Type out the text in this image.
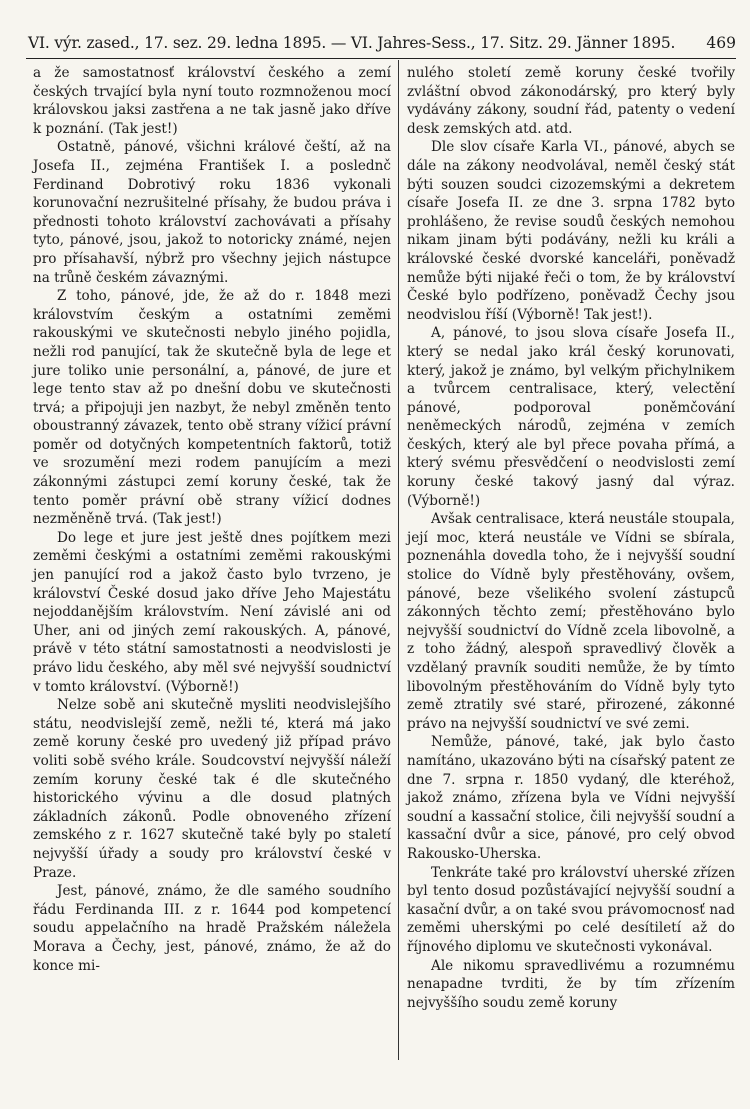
VI. výr. zased., 17. sez. 29. ledna 1895. — VI. Jahres-Sess., 17. Sitz. 29. Jänner 1895. 469

a že samostatnosť království českého a zemí českých trvající byla nyní touto rozmnoženou mocí královskou jaksi zastřena a ne tak jasně jako dříve k poznání. (Tak jest!)

Ostatně, pánové, všichni králové čeští, až na Josefa II., zejména František I. a poslednč Ferdinand Dobrotivý roku 1836 vykonali korunovační nezrušitelné přísahy, že budou práva i přednosti tohoto království zachovávati a přísahy tyto, pánové, jsou, jakož to notoricky známé, nejen pro přísahavší, nýbrž pro všechny jejich nástupce na trůně českém závaznými.

Z toho, pánové, jde, že až do r. 1848 mezi královstvím českým a ostatními zeměmi rakouskými ve skutečnosti nebylo jiného pojidla, nežli rod panující, tak že skutečně byla de lege et jure toliko unie personální, a, pánové, de jure et lege tento stav až po dnešní dobu ve skutečnosti trvá; a připojuji jen nazbyt, že nebyl změněn tento oboustranný závazek, tento obě strany vížicí právní poměr od dotyčných kompetentních faktorů, totiž ve srozumění mezi rodem panujícím a mezi zákonnými zástupci zemí koruny české, tak že tento poměr právní obě strany vížicí dodnes nezměněně trvá. (Tak jest!)

Do lege et jure jest ještě dnes pojítkem mezi zeměmi českými a ostatními zeměmi rakouskými jen panující rod a jakož často bylo tvrzeno, je království České dosud jako dříve Jeho Majestátu nejoddanějším královstvím. Není závislé ani od Uher, ani od jiných zemí rakouských. A, pánové, právě v této státní samostatnosti a neodvislosti je právo lidu českého, aby měl své nejvyšší soudnictví v tomto království. (Výborně!)

Nelze sobě ani skutečně mysliti neodvislejšího státu, neodvislejší země, nežli té, která má jako země koruny české pro uvedený již případ právo voliti sobě svého krále. Soudcovství nejvyšší náleží zemím koruny české tak é dle skutečného historického vývinu a dle dosud platných základních zákonů. Podle obnoveného zřízení zemského z r. 1627 skutečně také byly po staletí nejvyšší úřady a soudy pro království české v Praze.

Jest, pánové, známo, že dle samého soudního řádu Ferdinanda III. z r. 1644 pod kompetencí soudu appelačního na hradě Pražském náležela Morava a Čechy, jest, pánové, známo, že až do konce mi-

nulého století země koruny české tvořily zvláštní obvod zákonodárský, pro který byly vydávány zákony, soudní řád, patenty o vedení desk zemských atd. atd.

Dle slov císaře Karla VI., pánové, abych se dále na zákony neodvolával, neměl český stát býti souzen soudci cizozemskými a dekretem císaře Josefa II. ze dne 3. srpna 1782 byto prohlášeno, že revise soudů českých nemohou nikam jinam býti podávány, nežli ku králi a královské české dvorské kanceláři, poněvadž nemůže býti nijaké řeči o tom, že by království České bylo podřízeno, poněvadž Čechy jsou neodvislou říší (Výborně! Tak jest!).

A, pánové, to jsou slova císaře Josefa II., který se nedal jako král český korunovati, který, jakož je známo, byl velkým přichylnikem a tvůrcem centralisace, který, velectění pánové, podporoval poněmčování neněmeckých národů, zejména v zemích českých, který ale byl přece povaha přímá, a který svému přesvědčení o neodvislosti zemí koruny české takový jasný dal výraz. (Výborně!)

Avšak centralisace, která neustále stoupala, její moc, která neustále ve Vídni se sbírala, poznenáhla dovedla toho, že i nejvyšší soudní stolice do Vídně byly přestěhovány, ovšem, pánové, beze všelikého svolení zástupců zákonných těchto zemí; přestěhováno bylo nejvyšší soudnictví do Vídně zcela libovolně, a z toho žádný, alespoň spravedlivý člověk a vzdělaný pravník souditi nemůže, že by tímto libovolným přestěhováním do Vídně byly tyto země ztratily své staré, přirozené, zákonné právo na nejvyšší soudnictví ve své zemi.

Nemůže, pánové, také, jak bylo často namítáno, ukazováno býti na císařský patent ze dne 7. srpna r. 1850 vydaný, dle kteréhož, jakož známo, zřízena byla ve Vídni nejvyšší soudní a kassační stolice, čili nejvyšší soudní a kassační dvůr a sice, pánové, pro celý obvod Rakousko-Uherska.

Tenkráte také pro království uherské zřízen byl tento dosud pozůstávající nejvyšší soudní a kasační dvůr, a on také svou právomocnosť nad zeměmi uherskými po celé desítiletí až do říjnového diplomu ve skutečnosti vykonával.

Ale nikomu spravedlivému a rozumnému nenapadne tvrditi, že by tím zřízením nejvyššího soudu země koruny
